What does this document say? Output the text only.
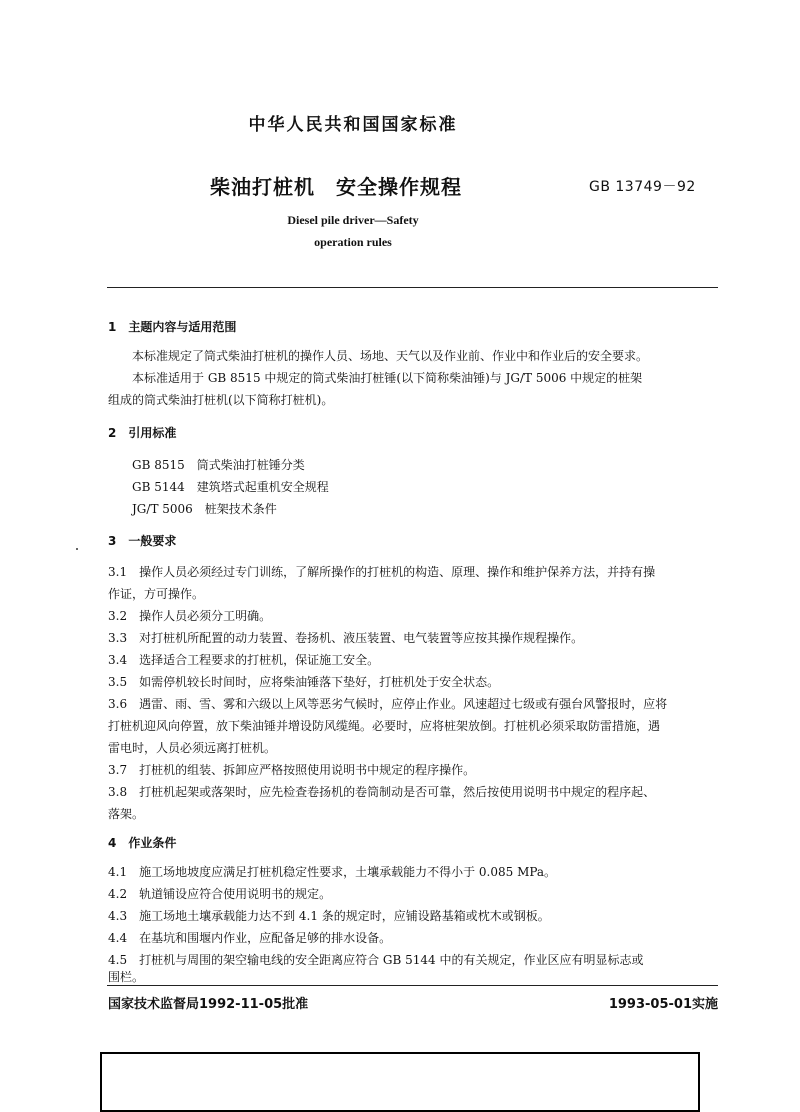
中华人民共和国国家标准
柴油打桩机　安全操作规程	GB 13749－92
Diesel pile driver—Safety
operation rules
1　主题内容与适用范围
本标准规定了筒式柴油打桩机的操作人员、场地、天气以及作业前、作业中和作业后的安全要求。
本标准适用于 GB 8515 中规定的筒式柴油打桩锤(以下简称柴油锤)与 JG/T 5006 中规定的桩架
组成的筒式柴油打桩机(以下简称打桩机)。
2　引用标准
GB 8515　筒式柴油打桩锤分类
GB 5144　建筑塔式起重机安全规程
JG/T 5006　桩架技术条件
3　一般要求
3.1　操作人员必须经过专门训练，了解所操作的打桩机的构造、原理、操作和维护保养方法，并持有操
作证，方可操作。
3.2　操作人员必须分工明确。
3.3　对打桩机所配置的动力装置、卷扬机、液压装置、电气装置等应按其操作规程操作。
3.4　选择适合工程要求的打桩机，保证施工安全。
3.5　如需停机较长时间时，应将柴油锤落下垫好，打桩机处于安全状态。
3.6　遇雷、雨、雪、雾和六级以上风等恶劣气候时，应停止作业。风速超过七级或有强台风警报时，应将
打桩机迎风向停置，放下柴油锤并增设防风缆绳。必要时，应将桩架放倒。打桩机必须采取防雷措施，遇
雷电时，人员必须远离打桩机。
3.7　打桩机的组装、拆卸应严格按照使用说明书中规定的程序操作。
3.8　打桩机起架或落架时，应先检查卷扬机的卷筒制动是否可靠，然后按使用说明书中规定的程序起、
落架。
4　作业条件
4.1　施工场地坡度应满足打桩机稳定性要求，土壤承载能力不得小于 0.085 MPa。
4.2　轨道铺设应符合使用说明书的规定。
4.3　施工场地土壤承载能力达不到 4.1 条的规定时，应铺设路基箱或枕木或钢板。
4.4　在基坑和围堰内作业，应配备足够的排水设备。
4.5　打桩机与周围的架空输电线的安全距离应符合 GB 5144 中的有关规定，作业区应有明显标志或
围栏。
国家技术监督局1992-11-05批准	1993-05-01实施
